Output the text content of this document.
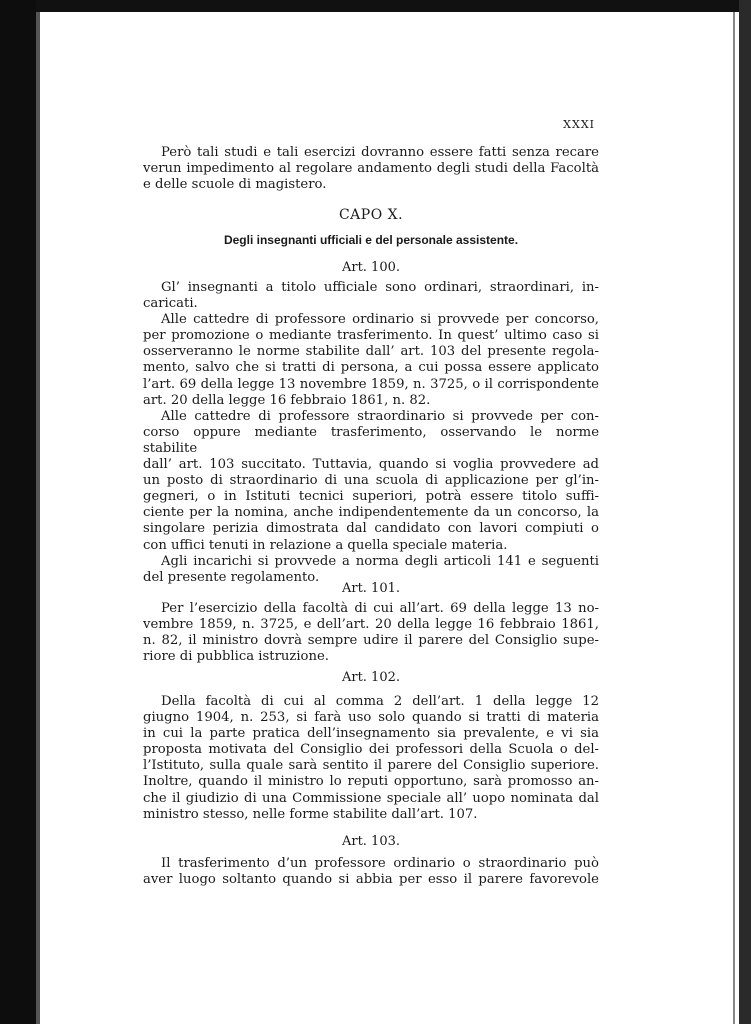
XXXI
Però tali studi e tali esercizi dovranno essere fatti senza recare
verun impedimento al regolare andamento degli studi della Facoltà
e delle scuole di magistero.
CAPO X.
Degli insegnanti ufficiali e del personale assistente.
Art. 100.
Gl’ insegnanti a titolo ufficiale sono ordinari, straordinari, in-
caricati.
Alle cattedre di professore ordinario si provvede per concorso,
per promozione o mediante trasferimento. In quest’ ultimo caso si
osserveranno le norme stabilite dall’ art. 103 del presente regola-
mento, salvo che si tratti di persona, a cui possa essere applicato
l’art. 69 della legge 13 novembre 1859, n. 3725, o il corrispondente
art. 20 della legge 16 febbraio 1861, n. 82.
Alle cattedre di professore straordinario si provvede per con-
corso oppure mediante trasferimento, osservando le norme stabilite
dall’ art. 103 succitato. Tuttavia, quando si voglia provvedere ad
un posto di straordinario di una scuola di applicazione per gl’in-
gegneri, o in Istituti tecnici superiori, potrà essere titolo suffi-
ciente per la nomina, anche indipendentemente da un concorso, la
singolare perizia dimostrata dal candidato con lavori compiuti o
con uffici tenuti in relazione a quella speciale materia.
Agli incarichi si provvede a norma degli articoli 141 e seguenti
del presente regolamento.
Art. 101.
Per l’esercizio della facoltà di cui all’art. 69 della legge 13 no-
vembre 1859, n. 3725, e dell’art. 20 della legge 16 febbraio 1861,
n. 82, il ministro dovrà sempre udire il parere del Consiglio supe-
riore di pubblica istruzione.
Art. 102.
Della facoltà di cui al comma 2 dell’art. 1 della legge 12
giugno 1904, n. 253, si farà uso solo quando si tratti di materia
in cui la parte pratica dell’insegnamento sia prevalente, e vi sia
proposta motivata del Consiglio dei professori della Scuola o del-
l’Istituto, sulla quale sarà sentito il parere del Consiglio superiore.
Inoltre, quando il ministro lo reputi opportuno, sarà promosso an-
che il giudizio di una Commissione speciale all’ uopo nominata dal
ministro stesso, nelle forme stabilite dall’art. 107.
Art. 103.
Il trasferimento d’un professore ordinario o straordinario può
aver luogo soltanto quando si abbia per esso il parere favorevole
